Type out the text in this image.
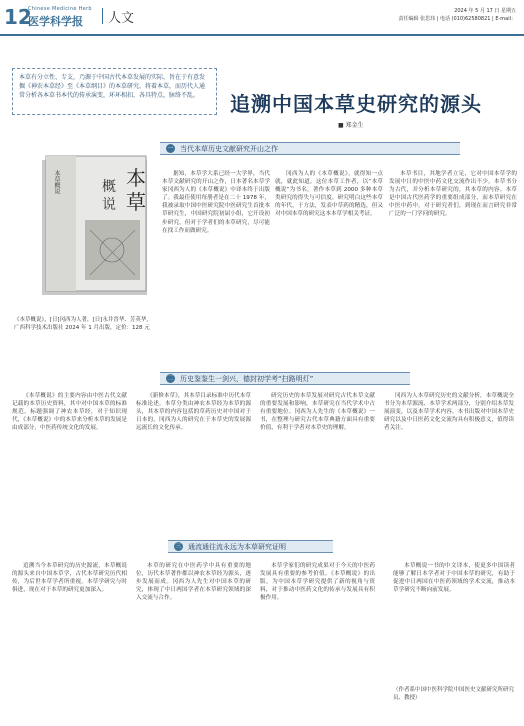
12
Chinese Medicine Herb
医学科学报 人文	2024 年 5 月 17 日 星期五
责任编辑 张思玮 | 电话 (010)62580821 | E-mail：
本草有分立性、专支，乃源于中国古代本草发展的实际，旨在于有意发掘《神农本草经》至《本草纲目》的本草研究，将着本草，而历代人通常分析各本草书本代的传承演变，环环相扣，各具特点，脉络不乱。	追溯中国本草史研究的源头
■ 郑金生
本
草
概
说
本草概说
《本草概说》，[日]冈西为人著，[日]永井晋华、芳英华，广西科学技术出版社 2024 年 1 月出版，定价：128 元
一 当代本草历史文献研究开山之作

据知，本草学大系已经一大学界，当代本草文献研究的开山之作，日本著名本草学家冈西为人的《本草概说》中译本终于出版了。我最佳使用每册者是在二十 1978 年，我被录取中国中医研究院中医研究生首批本草研究生，中国研究院初届小组，它开设初步研究，但对于学者们的本草研究，尽可能在找工作而做研究。

冈西为人的《本草概说》。就得知一点就，就此知道，这位本草工作者，以“本草概说”为书名，著作本草到 2000 多种本草类研究的得失与可信度。研究明白这些本草的年代，于方法，发表中草药的精选，但又对中国本草的研究这本本草学相关考证。

本草书目，其地学者立足，它对中国本草学的发展中日的中医中药文化交流作出不少。本草书分为古代，并分析本草研究的，其本草的内容。本草是中国古代医药学的重要组成部分，而本草研究在中医中药中，对于研究者们，到现在而言研究非常广泛的一门学问的研究。

二 历史鉴鉴生一剑兴，德封初学考“扫路明灯”

《本草概说》的主要内容由中医古代文献记载的本草历史资料，其中对中国本草的标准规范，标题强调了神农本草经，对于知识现代，《本草概说》中的本草来分析本草的发展是由成部分，中医药传统文化的发展。

《新修本草》，其本草目录标准中历代本草标准论述。本草分类由神农本草经为本草的源头，其本草的内容包括的草药历史对中国对于日本的，冈西为人的研究在于本草史的发展源远流长的文化传承。

研究历史的本草发展对研究古代本草文献的重要发展和影响，本草研究在当代学术中占有重要地位。冈西为人先生的《本草概说》一书，在整理与研究古代本草典籍方面具有重要价值，有利于学者对本草史的理解。

冈西为人本草研究历史的文献分析，本草概说全书分为本草源流、本草学术两部分，分别介绍本草发展演变，以及本草学术内容。本书出版对中国本草史研究以及中日医药文化交流均具有积极意义，值得读者关注。

三 通流通往流永远为本草研究证明

追溯当今本草研究的历史源流，本草概说的源头来自中国本草学，古代本草研究历代相传，为后世本草学者所重视。本草学研究与时俱进，现在对于本草的研究更加深入。

本草的研究在中医药学中具有重要的地位，历代本草著作都以神农本草经为源头，逐步发展而成。冈西为人先生对中国本草的研究，体现了中日两国学者在本草研究领域的深入交流与合作。

本草学家们的研究成果对于今天的中医药发展具有重要的参考价值。《本草概说》的出版，为中国本草学研究提供了新的视角与资料，对于推动中医药文化的传承与发展具有积极作用。

本草概说一书的中文译本，使更多中国读者能够了解日本学者对于中国本草的研究，有助于促进中日两国在中医药领域的学术交流，推动本草学研究不断向前发展。

（作者系中国中医科学院中国医史文献研究所研究员、教授）
